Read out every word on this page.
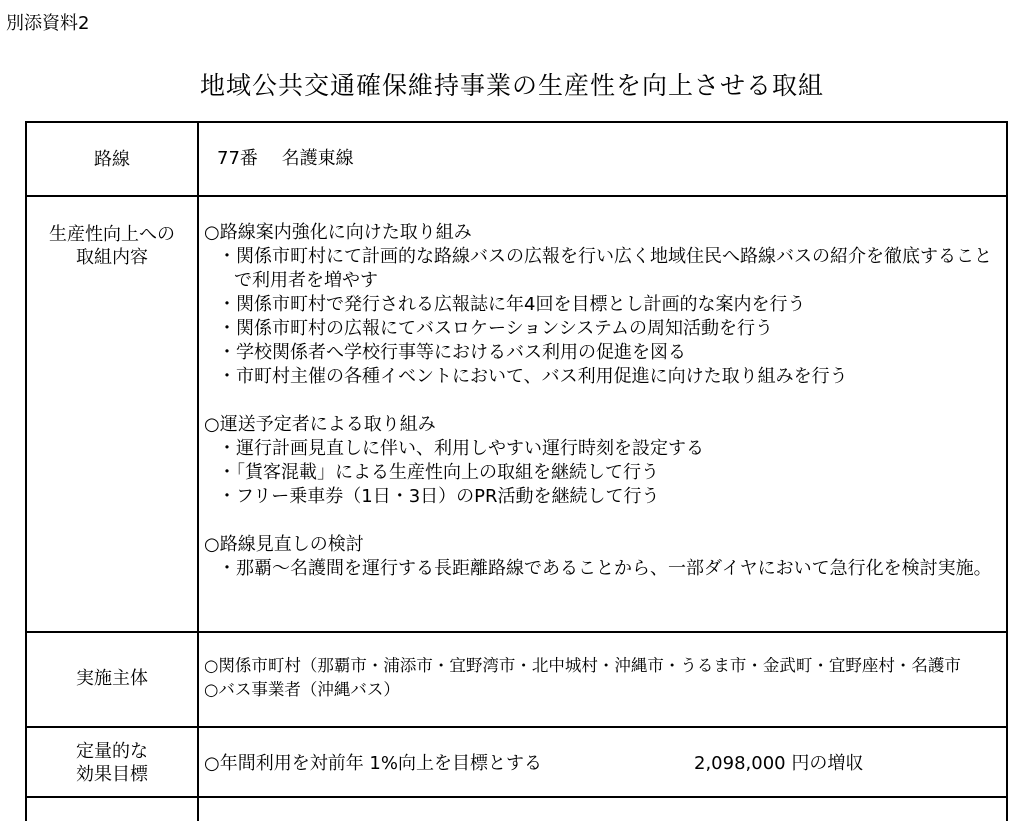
別添資料2
地域公共交通確保維持事業の生産性を向上させる取組
路線	77番　 名護東線
生産性向上への
取組内容
○路線案内強化に向けた取り組み
・関係市町村にて計画的な路線バスの広報を行い広く地域住民へ路線バスの紹介を徹底することで利用者を増やす
・関係市町村で発行される広報誌に年4回を目標とし計画的な案内を行う
・関係市町村の広報にてバスロケーションシステムの周知活動を行う
・学校関係者へ学校行事等におけるバス利用の促進を図る
・市町村主催の各種イベントにおいて、バス利用促進に向けた取り組みを行う
○運送予定者による取り組み
・運行計画見直しに伴い、利用しやすい運行時刻を設定する
・「貨客混載」による生産性向上の取組を継続して行う
・フリー乗車券（1日・3日）のPR活動を継続して行う
○路線見直しの検討
・那覇～名護間を運行する長距離路線であることから、一部ダイヤにおいて急行化を検討実施。
実施主体
○関係市町村（那覇市・浦添市・宜野湾市・北中城村・沖縄市・うるま市・金武町・宜野座村・名護市
○バス事業者（沖縄バス）
定量的な
効果目標
○年間利用を対前年 1%向上を目標とする	2,098,000 円の増収
